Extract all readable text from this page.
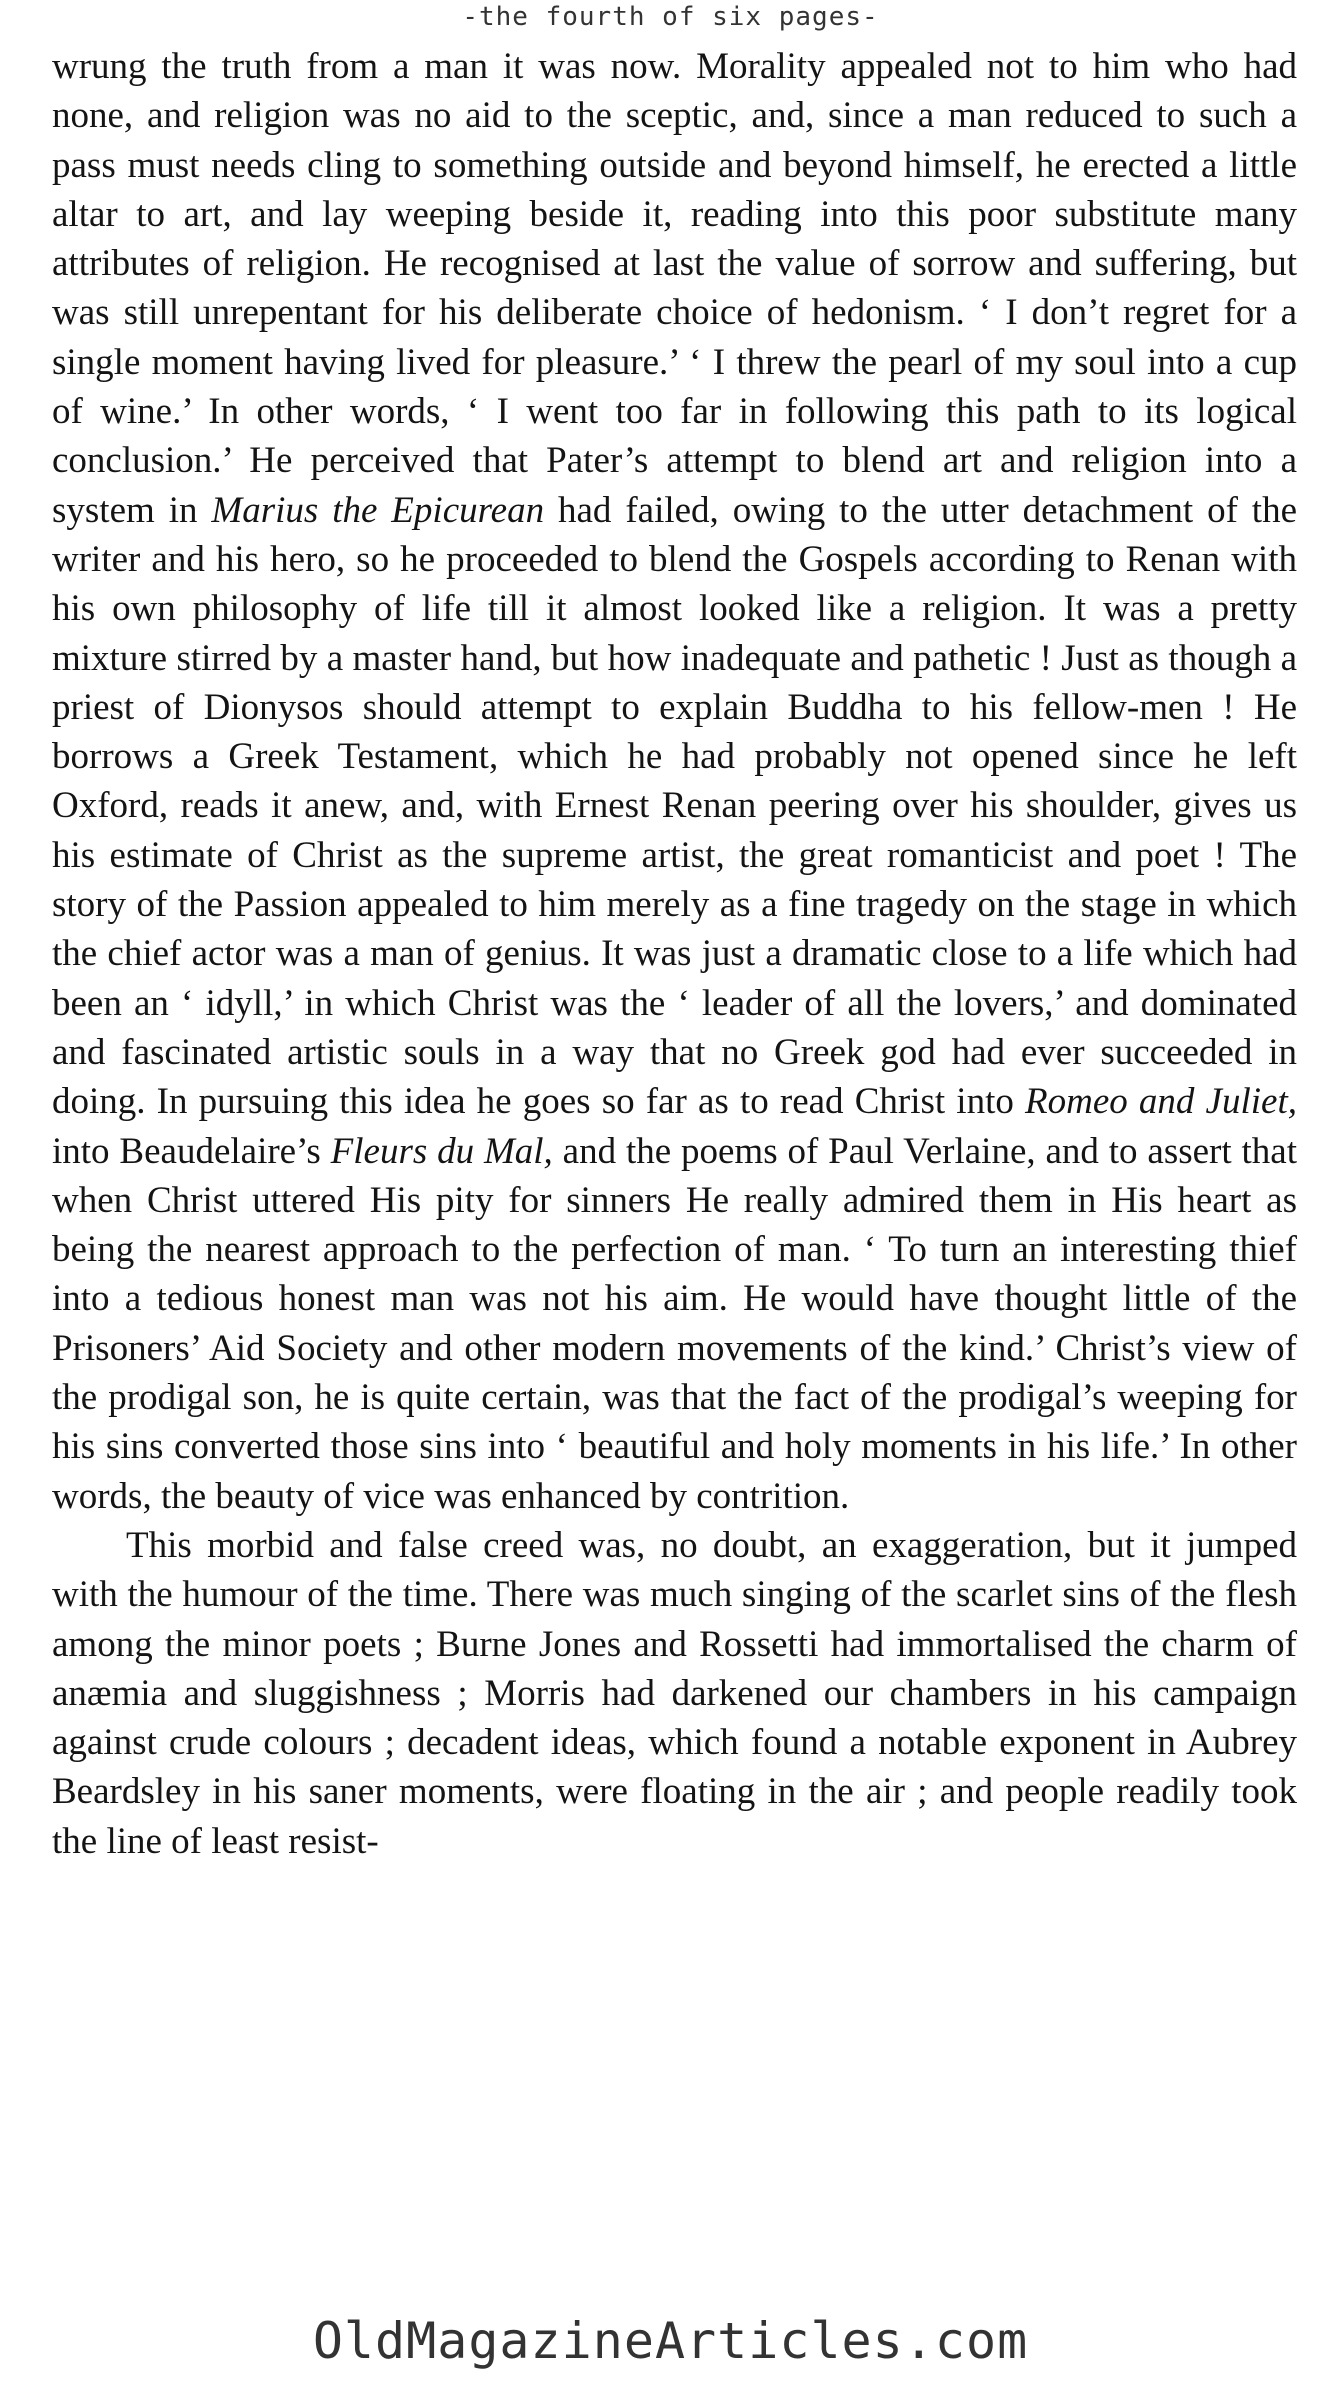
-the fourth of six pages-

wrung the truth from a man it was now. Morality appealed not to him who had none, and religion was no aid to the sceptic, and, since a man reduced to such a pass must needs cling to something outside and beyond himself, he erected a little altar to art, and lay weeping beside it, reading into this poor substitute many attributes of religion. He recognised at last the value of sorrow and suffering, but was still unrepentant for his deliberate choice of hedonism. ‘ I don’t regret for a single moment having lived for pleasure.’ ‘ I threw the pearl of my soul into a cup of wine.’ In other words, ‘ I went too far in following this path to its logical conclusion.’ He perceived that Pater’s attempt to blend art and religion into a system in Marius the Epicurean had failed, owing to the utter detachment of the writer and his hero, so he proceeded to blend the Gospels according to Renan with his own philosophy of life till it almost looked like a religion. It was a pretty mixture stirred by a master hand, but how inadequate and pathetic ! Just as though a priest of Dionysos should attempt to explain Buddha to his fellow-men ! He borrows a Greek Testament, which he had probably not opened since he left Oxford, reads it anew, and, with Ernest Renan peering over his shoulder, gives us his estimate of Christ as the supreme artist, the great romanticist and poet ! The story of the Passion appealed to him merely as a fine tragedy on the stage in which the chief actor was a man of genius. It was just a dramatic close to a life which had been an ‘ idyll,’ in which Christ was the ‘ leader of all the lovers,’ and dominated and fascinated artistic souls in a way that no Greek god had ever succeeded in doing. In pursuing this idea he goes so far as to read Christ into Romeo and Juliet, into Beaudelaire’s Fleurs du Mal, and the poems of Paul Verlaine, and to assert that when Christ uttered His pity for sinners He really admired them in His heart as being the nearest approach to the perfection of man. ‘ To turn an interesting thief into a tedious honest man was not his aim. He would have thought little of the Prisoners’ Aid Society and other modern movements of the kind.’ Christ’s view of the prodigal son, he is quite certain, was that the fact of the prodigal’s weeping for his sins converted those sins into ‘ beautiful and holy moments in his life.’ In other words, the beauty of vice was enhanced by contrition.

This morbid and false creed was, no doubt, an exaggeration, but it jumped with the humour of the time. There was much singing of the scarlet sins of the flesh among the minor poets ; Burne Jones and Rossetti had immortalised the charm of anæmia and sluggishness ; Morris had darkened our chambers in his campaign against crude colours ; decadent ideas, which found a notable exponent in Aubrey Beardsley in his saner moments, were floating in the air ; and people readily took the line of least resist-

OldMagazineArticles.com
